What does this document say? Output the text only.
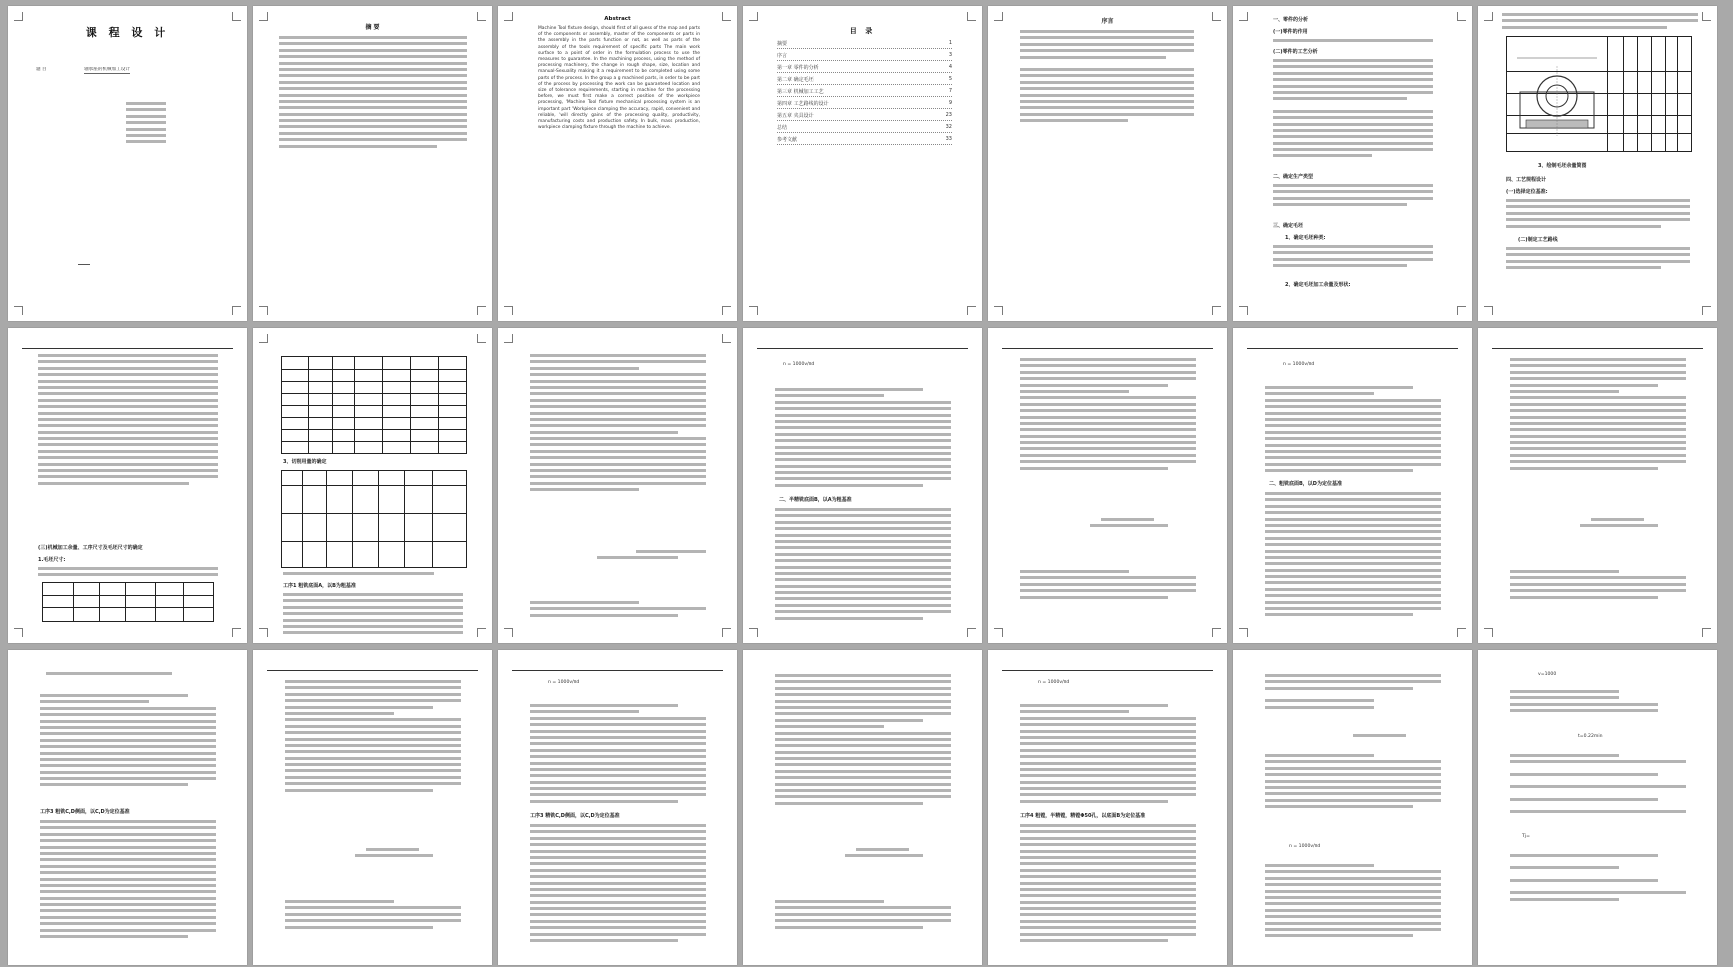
课 程 设 计
题 目	轴承座的机械加工设计
摘 要
Abstract
Machine Tool fixture design, should first of all guess of the map and parts of the components or assembly, master of the components or parts in the assembly in the parts function or not, as well as parts of the assembly of the tools requirement of specific parts The main work surface to a point of order in the formulation process to use the measures to guarantee. In the machining process, using the method of processing machinery, the change in rough shape, size, location and manual-Sexuality making it a requirement to be completed using some parts of the process. In the group a g machined parts, in order to be part of the process by processing the work can be guaranteed location and size of tolerance requirements, starting in machine for the processing before, we must first make a correct position of the workpiece processing, 'Machine Tool fixture mechanical processing system is an important part 'Workpiece clamping the accuracy, rapid, convenient and reliable, 'will directly gains of the processing quality, productivity, manufacturing costs and production safety. In bulk, mass production, workpiece clamping fixture through the machine to achieve.
目 录
摘要	1
序言	3
第一章 零件的分析	4
第二章 确定毛坯	5
第三章 机械加工工艺	7
第四章 工艺路线的设计	9
第五章 夹具设计	23
总结	32
参考文献	33
序言	一、零件的分析
(一)零件的作用
(二)零件的工艺分析
二、确定生产类型
三、确定毛坯
1、确定毛坯种类:
2、确定毛坯加工余量及形状:
3、绘制毛坯余量简图
四、工艺规程设计
(一)选择定位基准:
(二)制定工艺路线
(三)机械加工余量、工序尺寸及毛坯尺寸的确定
1.毛坯尺寸:
3、切削用量的确定
工序1 粗铣底面A，以B为粗基准
n = 1000v/πd
二、半精铣底面B，以A为粗基准
n = 1000v/πd
二、粗铣底面B，以D为定位基准
工序3 粗铣C,D侧面，以C,D为定位基准
n = 1000v/πd
工序3 精铣C,D侧面，以C,D为定位基准
n = 1000v/πd
工序4 粗镗，半精镗，精镗Φ50孔，以底面B为定位基准
n = 1000v/πd
v=1000
t=0.22min
Tj=
